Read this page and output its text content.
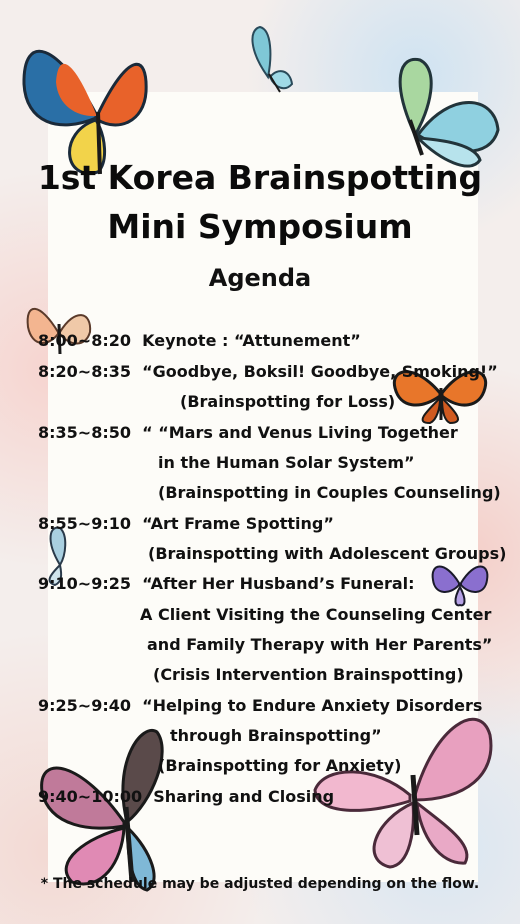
1st Korea Brainspotting
Mini Symposium
Agenda
8:00~8:20 Keynote : “Attunement”
8:20~8:35 “Goodbye, Boksil! Goodbye, Smoking!”
(Brainspotting for Loss)
8:35~8:50 “ “Mars and Venus Living Together
in the Human Solar System”
(Brainspotting in Couples Counseling)
8:55~9:10 “Art Frame Spotting”
(Brainspotting with Adolescent Groups)
9:10~9:25 “After Her Husband’s Funeral:
A Client Visiting the Counseling Center
and Family Therapy with Her Parents”
(Crisis Intervention Brainspotting)
9:25~9:40 “Helping to Endure Anxiety Disorders
through Brainspotting”
(Brainspotting for Anxiety)
9:40~10:00 Sharing and Closing
* The schedule may be adjusted depending on the flow.
